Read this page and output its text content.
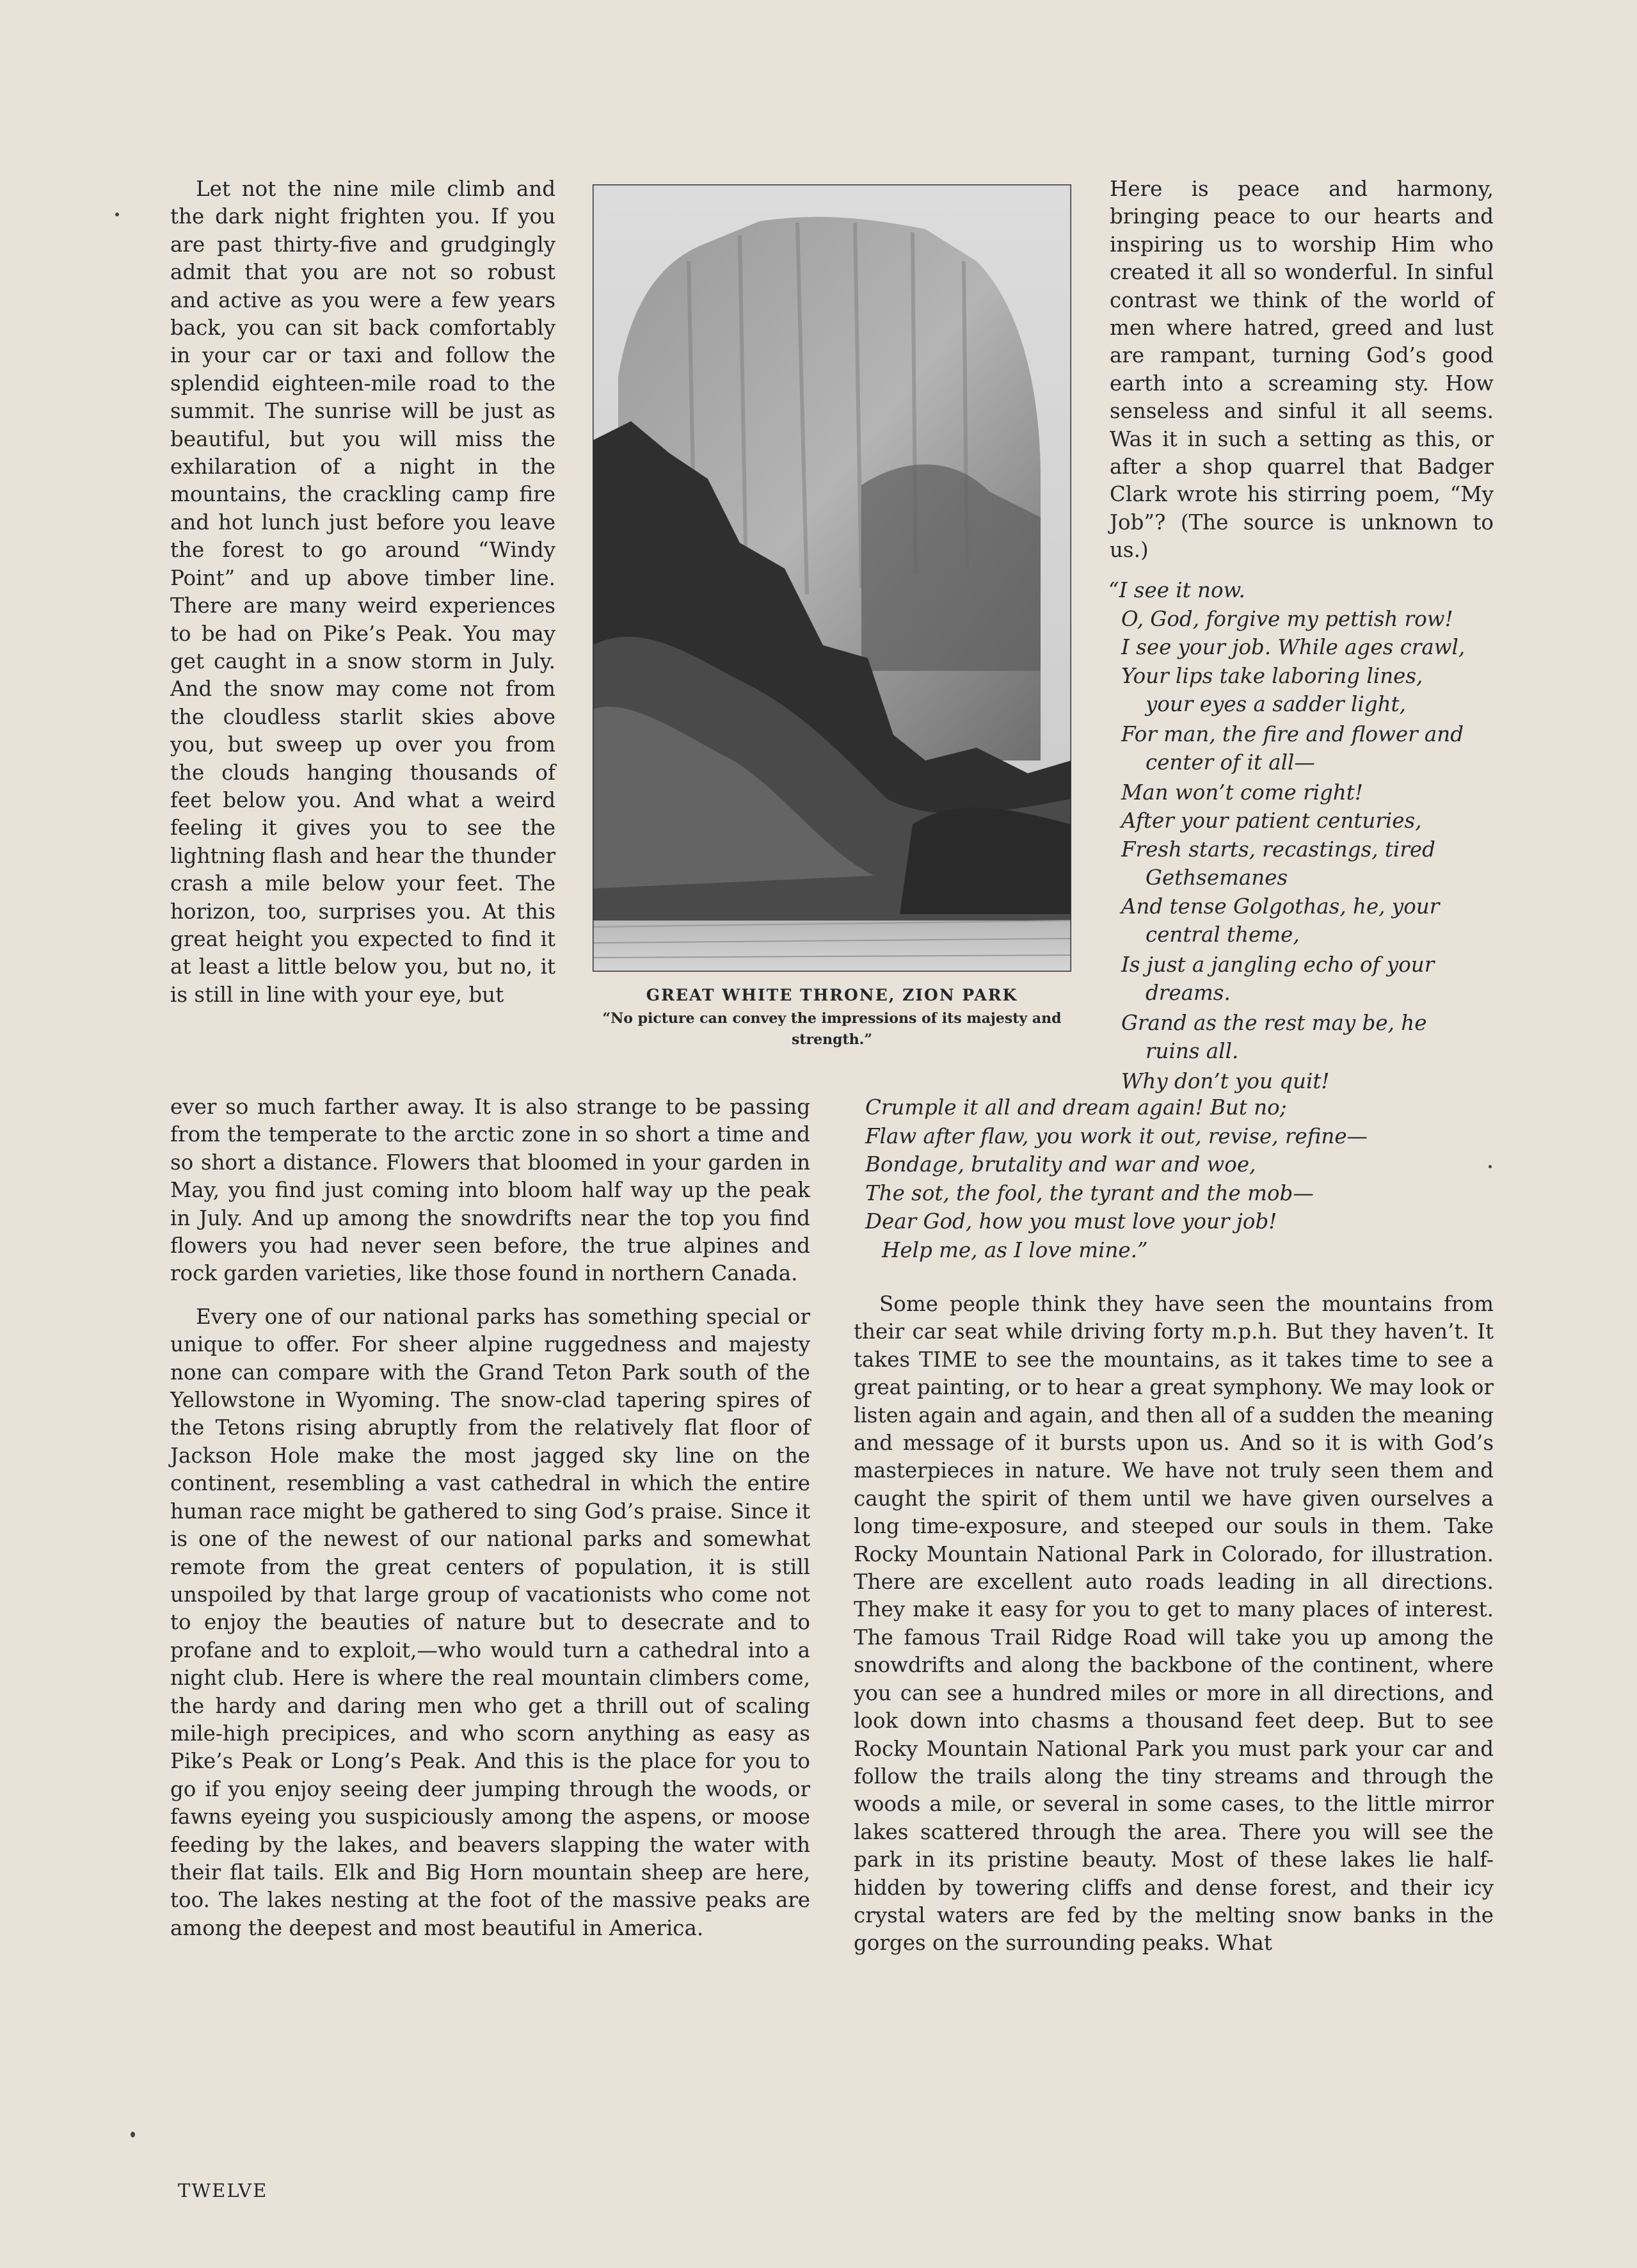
Let not the nine mile climb and the dark night frighten you. If you are past thirty-five and grudgingly admit that you are not so robust and active as you were a few years back, you can sit back comfortably in your car or taxi and follow the splendid eighteen-mile road to the summit. The sunrise will be just as beautiful, but you will miss the exhilaration of a night in the mountains, the crackling camp fire and hot lunch just before you leave the forest to go around “Windy Point” and up above timber line. There are many weird experiences to be had on Pike’s Peak. You may get caught in a snow storm in July. And the snow may come not from the cloudless starlit skies above you, but sweep up over you from the clouds hanging thousands of feet below you. And what a weird feeling it gives you to see the lightning flash and hear the thunder crash a mile below your feet. The horizon, too, surprises you. At this great height you expected to find it at least a little below you, but no, it is still in line with your eye, but	GREAT WHITE THRONE, ZION PARK
“No picture can convey the impressions of its majesty and strength.”

Here is peace and harmony, bringing peace to our hearts and inspiring us to worship Him who created it all so wonderful. In sinful contrast we think of the world of men where hatred, greed and lust are rampant, turning God’s good earth into a screaming sty. How senseless and sinful it all seems. Was it in such a setting as this, or after a shop quarrel that Badger Clark wrote his stirring poem, “My Job”? (The source is unknown to us.)

“I see it now.

O, God, forgive my pettish row!

I see your job. While ages crawl,

Your lips take laboring lines,

your eyes a sadder light,

For man, the fire and flower and

center of it all—

Man won’t come right!

After your patient centuries,

Fresh starts, recastings, tired

Gethsemanes

And tense Golgothas, he, your

central theme,

Is just a jangling echo of your

dreams.

Grand as the rest may be, he

ruins all.

Why don’t you quit!

ever so much farther away. It is also strange to be passing from the temperate to the arctic zone in so short a time and so short a distance. Flowers that bloomed in your garden in May, you find just coming into bloom half way up the peak in July. And up among the snowdrifts near the top you find flowers you had never seen before, the true alpines and rock garden varieties, like those found in northern Canada.

Every one of our national parks has something special or unique to offer. For sheer alpine ruggedness and majesty none can compare with the Grand Teton Park south of the Yellowstone in Wyoming. The snow-clad tapering spires of the Tetons rising abruptly from the relatively flat floor of Jackson Hole make the most jagged sky line on the continent, resembling a vast cathedral in which the entire human race might be gathered to sing God’s praise. Since it is one of the newest of our national parks and somewhat remote from the great centers of population, it is still unspoiled by that large group of vacationists who come not to enjoy the beauties of nature but to desecrate and to profane and to exploit,—who would turn a cathedral into a night club. Here is where the real mountain climbers come, the hardy and daring men who get a thrill out of scaling mile-high precipices, and who scorn anything as easy as Pike’s Peak or Long’s Peak. And this is the place for you to go if you enjoy seeing deer jumping through the woods, or fawns eyeing you suspiciously among the aspens, or moose feeding by the lakes, and beavers slapping the water with their flat tails. Elk and Big Horn mountain sheep are here, too. The lakes nesting at the foot of the massive peaks are among the deepest and most beautiful in America.

Crumple it all and dream again! But no;

Flaw after flaw, you work it out, revise, refine—

Bondage, brutality and war and woe,

The sot, the fool, the tyrant and the mob—

Dear God, how you must love your job!

Help me, as I love mine.”

Some people think they have seen the mountains from their car seat while driving forty m.p.h. But they haven’t. It takes TIME to see the mountains, as it takes time to see a great painting, or to hear a great symphony. We may look or listen again and again, and then all of a sudden the meaning and message of it bursts upon us. And so it is with God’s masterpieces in nature. We have not truly seen them and caught the spirit of them until we have given ourselves a long time-exposure, and steeped our souls in them. Take Rocky Mountain National Park in Colorado, for illustration. There are excellent auto roads leading in all directions. They make it easy for you to get to many places of interest. The famous Trail Ridge Road will take you up among the snowdrifts and along the backbone of the continent, where you can see a hundred miles or more in all directions, and look down into chasms a thousand feet deep. But to see Rocky Mountain National Park you must park your car and follow the trails along the tiny streams and through the woods a mile, or several in some cases, to the little mirror lakes scattered through the area. There you will see the park in its pristine beauty. Most of these lakes lie half-hidden by towering cliffs and dense forest, and their icy crystal waters are fed by the melting snow banks in the gorges on the surrounding peaks. What

TWELVE
